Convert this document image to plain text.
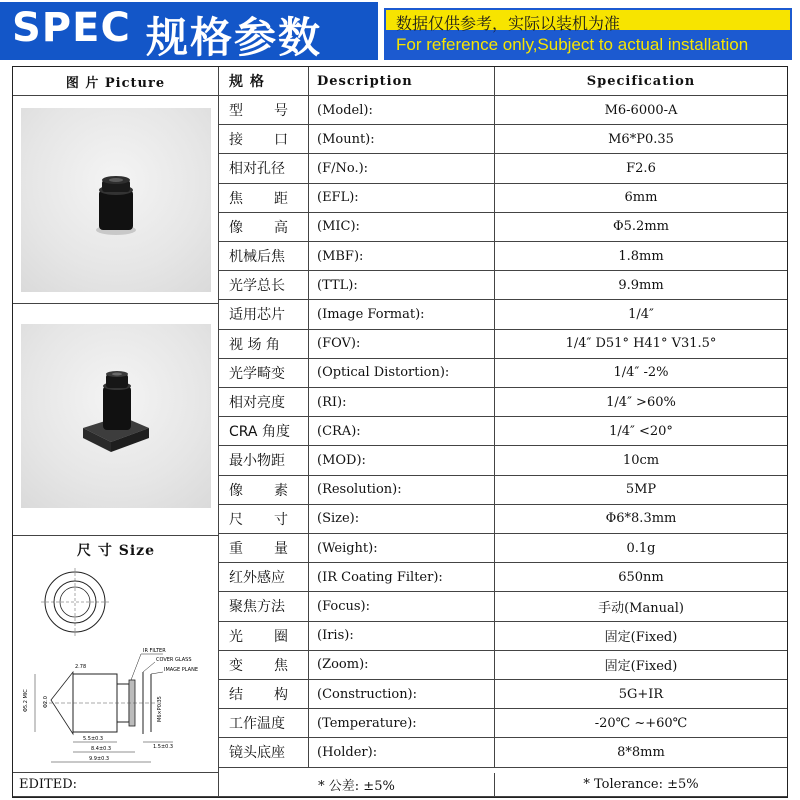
SPEC 规格参数	数据仅供参考，实际以装机为准
For reference only,Subject to actual installation
图 片 Picture	规 格	Description	Specification
尺 寸 Size
IR FILTER
COVER GLASS
IMAGE PLANE
Φ5.2 MIC	Φ2.0	M6×P0.35
5.5±0.3
8.4±0.3
9.9±0.3
1.5±0.3
2.78
型 号	(Model):	M6-6000-A
接 口	(Mount):	M6*P0.35
相对孔径	(F/No.):	F2.6
焦 距	(EFL):	6mm
像 高	(MIC):	Φ5.2mm
机械后焦	(MBF):	1.8mm
光学总长	(TTL):	9.9mm
适用芯片	(Image Format):	1/4″
视 场 角	(FOV):	1/4″ D51° H41° V31.5°
光学畸变	(Optical Distortion):	1/4″ -2%
相对亮度	(RI):	1/4″ >60%
CRA 角度	(CRA):	1/4″ <20°
最小物距	(MOD):	10cm
像 素	(Resolution):	5MP
尺 寸	(Size):	Φ6*8.3mm
重 量	(Weight):	0.1g
红外感应	(IR Coating Filter):	650nm
聚焦方法	(Focus):	手动(Manual)
光 圈	(Iris):	固定(Fixed)
变 焦	(Zoom):	固定(Fixed)
结 构	(Construction):	5G+IR
工作温度	(Temperature):	-20℃ ~+60℃
镜头底座	(Holder):	8*8mm
EDITED:	* 公差: ±5%	* Tolerance: ±5%
